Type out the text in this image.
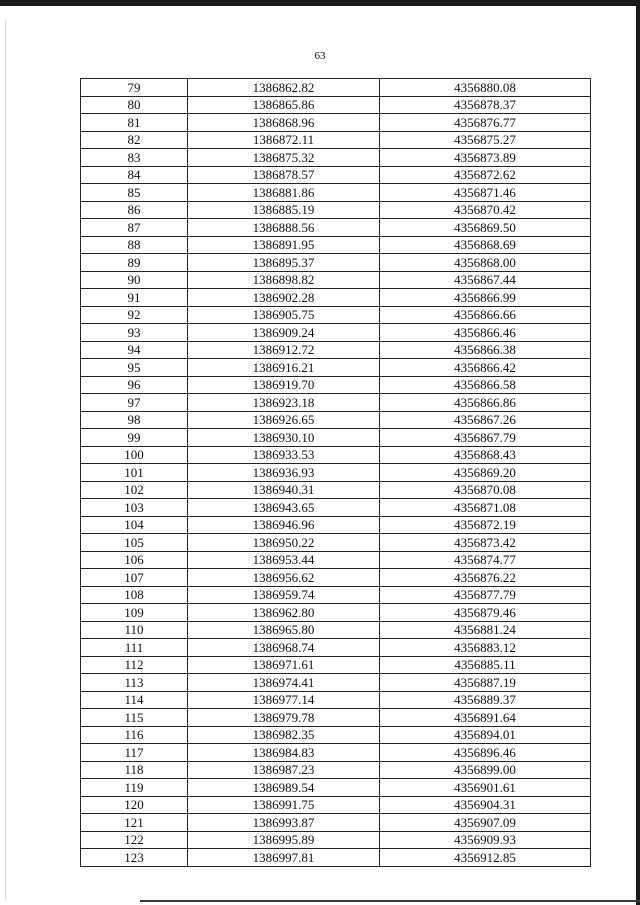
63
79	1386862.82	4356880.08
80	1386865.86	4356878.37
81	1386868.96	4356876.77
82	1386872.11	4356875.27
83	1386875.32	4356873.89
84	1386878.57	4356872.62
85	1386881.86	4356871.46
86	1386885.19	4356870.42
87	1386888.56	4356869.50
88	1386891.95	4356868.69
89	1386895.37	4356868.00
90	1386898.82	4356867.44
91	1386902.28	4356866.99
92	1386905.75	4356866.66
93	1386909.24	4356866.46
94	1386912.72	4356866.38
95	1386916.21	4356866.42
96	1386919.70	4356866.58
97	1386923.18	4356866.86
98	1386926.65	4356867.26
99	1386930.10	4356867.79
100	1386933.53	4356868.43
101	1386936.93	4356869.20
102	1386940.31	4356870.08
103	1386943.65	4356871.08
104	1386946.96	4356872.19
105	1386950.22	4356873.42
106	1386953.44	4356874.77
107	1386956.62	4356876.22
108	1386959.74	4356877.79
109	1386962.80	4356879.46
110	1386965.80	4356881.24
111	1386968.74	4356883.12
112	1386971.61	4356885.11
113	1386974.41	4356887.19
114	1386977.14	4356889.37
115	1386979.78	4356891.64
116	1386982.35	4356894.01
117	1386984.83	4356896.46
118	1386987.23	4356899.00
119	1386989.54	4356901.61
120	1386991.75	4356904.31
121	1386993.87	4356907.09
122	1386995.89	4356909.93
123	1386997.81	4356912.85
